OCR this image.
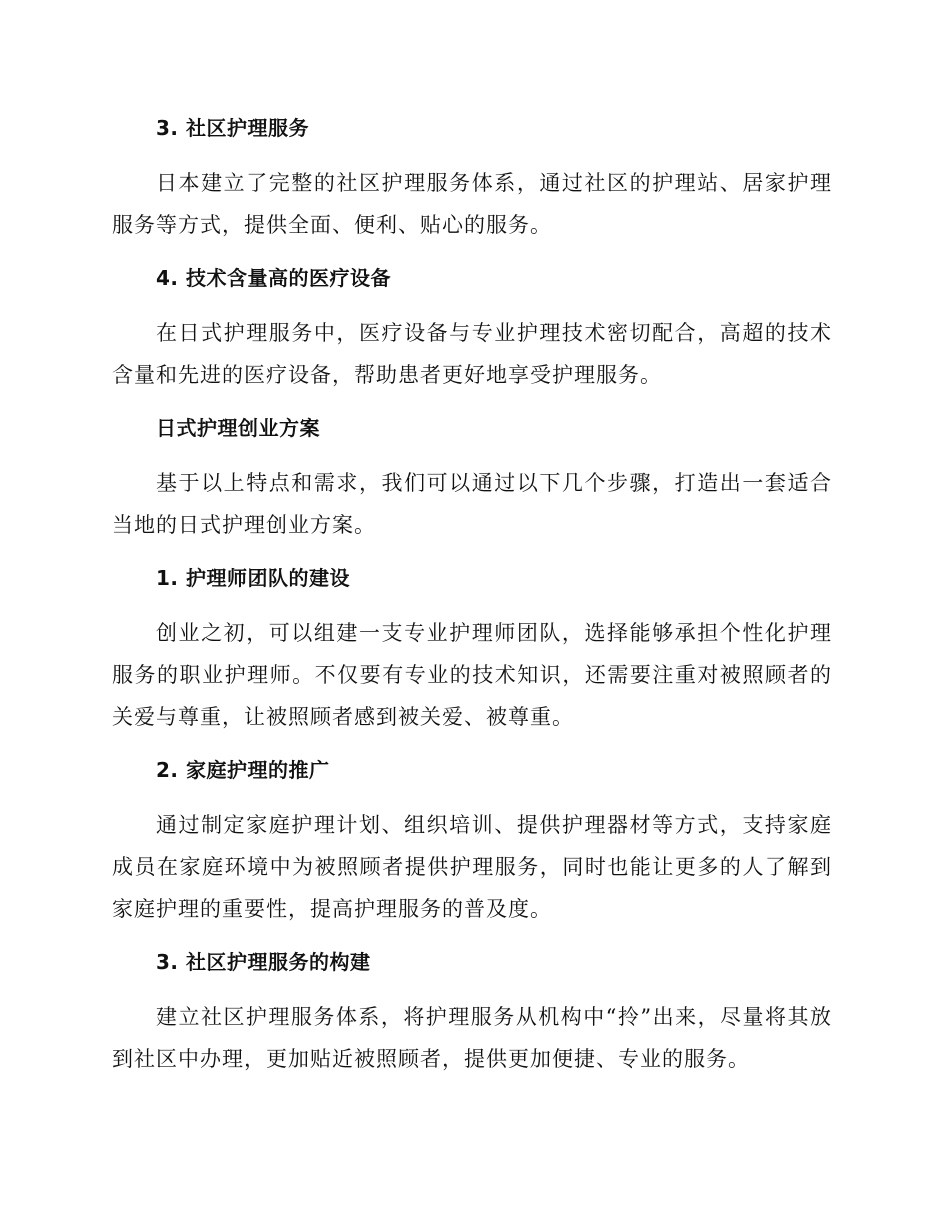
3. 社区护理服务

日本建立了完整的社区护理服务体系，通过社区的护理站、居家护理服务等方式，提供全面、便利、贴心的服务。

4. 技术含量高的医疗设备

在日式护理服务中，医疗设备与专业护理技术密切配合，高超的技术含量和先进的医疗设备，帮助患者更好地享受护理服务。

日式护理创业方案

基于以上特点和需求，我们可以通过以下几个步骤，打造出一套适合当地的日式护理创业方案。

1. 护理师团队的建设

创业之初，可以组建一支专业护理师团队，选择能够承担个性化护理服务的职业护理师。不仅要有专业的技术知识，还需要注重对被照顾者的关爱与尊重，让被照顾者感到被关爱、被尊重。

2. 家庭护理的推广

通过制定家庭护理计划、组织培训、提供护理器材等方式，支持家庭成员在家庭环境中为被照顾者提供护理服务，同时也能让更多的人了解到家庭护理的重要性，提高护理服务的普及度。

3. 社区护理服务的构建

建立社区护理服务体系，将护理服务从机构中“拎”出来，尽量将其放到社区中办理，更加贴近被照顾者，提供更加便捷、专业的服务。
